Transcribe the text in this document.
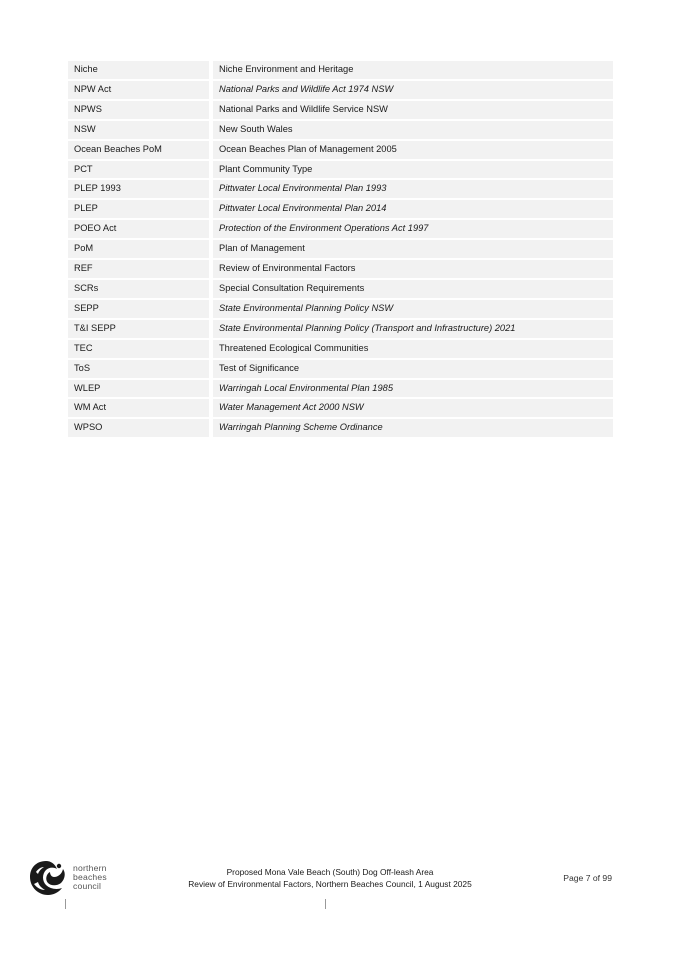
Niche	Niche Environment and Heritage
NPW Act	National Parks and Wildlife Act 1974 NSW
NPWS	National Parks and Wildlife Service NSW
NSW	New South Wales
Ocean Beaches PoM	Ocean Beaches Plan of Management 2005
PCT	Plant Community Type
PLEP 1993	Pittwater Local Environmental Plan 1993
PLEP	Pittwater Local Environmental Plan 2014
POEO Act	Protection of the Environment Operations Act 1997
PoM	Plan of Management
REF	Review of Environmental Factors
SCRs	Special Consultation Requirements
SEPP	State Environmental Planning Policy NSW
T&I SEPP	State Environmental Planning Policy (Transport and Infrastructure) 2021
TEC	Threatened Ecological Communities
ToS	Test of Significance
WLEP	Warringah Local Environmental Plan 1985
WM Act	Water Management Act 2000 NSW
WPSO	Warringah Planning Scheme Ordinance
northern
beaches
council
Proposed Mona Vale Beach (South) Dog Off-leash Area
Review of Environmental Factors, Northern Beaches Council, 1 August 2025
Page 7 of 99
